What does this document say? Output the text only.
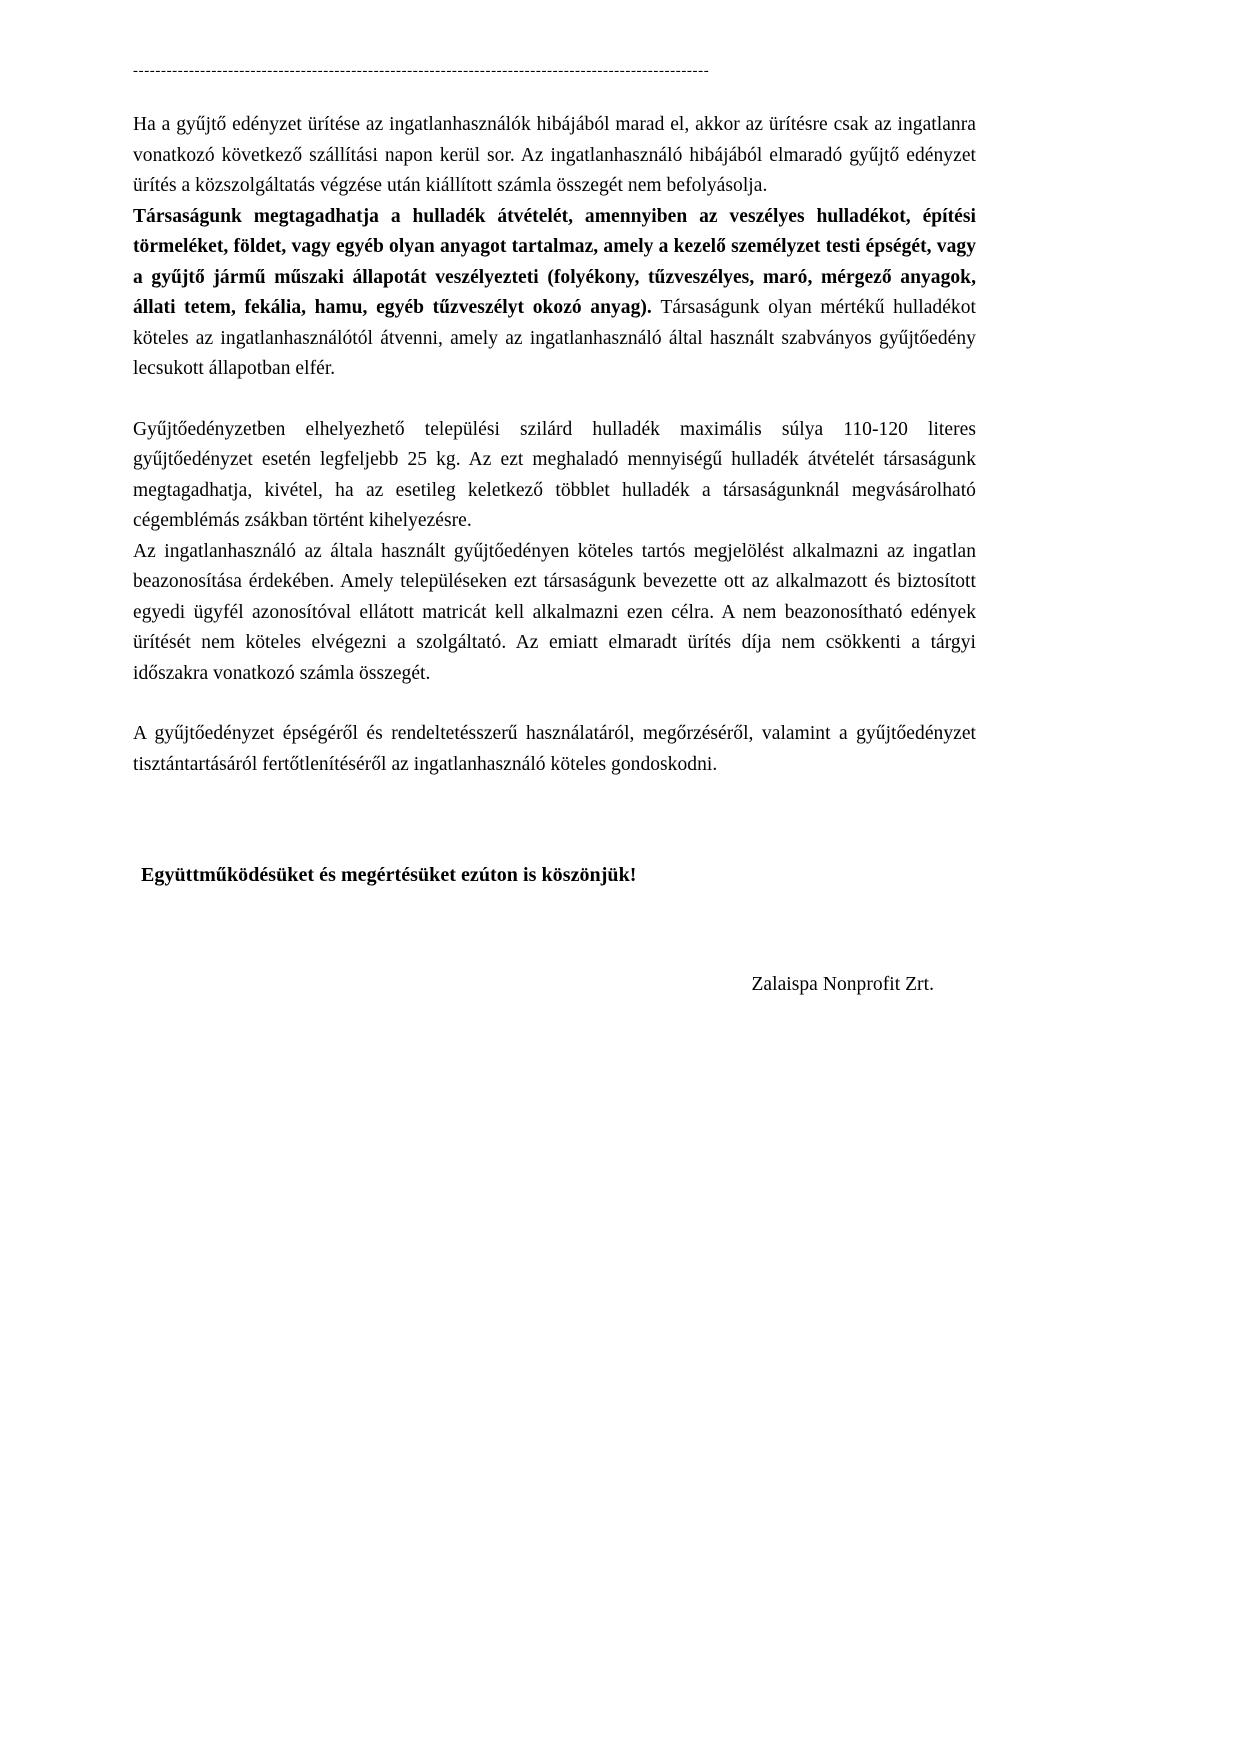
-------------------------------------------------------------------------------------------------------

Ha a gyűjtő edényzet ürítése az ingatlanhasználók hibájából marad el, akkor az ürítésre csak az ingatlanra vonatkozó következő szállítási napon kerül sor. Az ingatlanhasználó hibájából elmaradó gyűjtő edényzet ürítés a közszolgáltatás végzése után kiállított számla összegét nem befolyásolja.

Társaságunk megtagadhatja a hulladék átvételét, amennyiben az veszélyes hulladékot, építési törmeléket, földet, vagy egyéb olyan anyagot tartalmaz, amely a kezelő személyzet testi épségét, vagy a gyűjtő jármű műszaki állapotát veszélyezteti (folyékony, tűzveszélyes, maró, mérgező anyagok, állati tetem, fekália, hamu, egyéb tűzveszélyt okozó anyag). Társaságunk olyan mértékű hulladékot köteles az ingatlanhasználótól átvenni, amely az ingatlanhasználó által használt szabványos gyűjtőedény lecsukott állapotban elfér.

Gyűjtőedényzetben elhelyezhető települési szilárd hulladék maximális súlya 110-120 literes gyűjtőedényzet esetén legfeljebb 25 kg. Az ezt meghaladó mennyiségű hulladék átvételét társaságunk megtagadhatja, kivétel, ha az esetileg keletkező többlet hulladék a társaságunknál megvásárolható cégemblémás zsákban történt kihelyezésre.

Az ingatlanhasználó az általa használt gyűjtőedényen köteles tartós megjelölést alkalmazni az ingatlan beazonosítása érdekében. Amely településeken ezt társaságunk bevezette ott az alkalmazott és biztosított egyedi ügyfél azonosítóval ellátott matricát kell alkalmazni ezen célra. A nem beazonosítható edények ürítését nem köteles elvégezni a szolgáltató. Az emiatt elmaradt ürítés díja nem csökkenti a tárgyi időszakra vonatkozó számla összegét.

A gyűjtőedényzet épségéről és rendeltetésszerű használatáról, megőrzéséről, valamint a gyűjtőedényzet tisztántartásáról fertőtlenítéséről az ingatlanhasználó köteles gondoskodni.

Együttműködésüket és megértésüket ezúton is köszönjük!

Zalaispa Nonprofit Zrt.
